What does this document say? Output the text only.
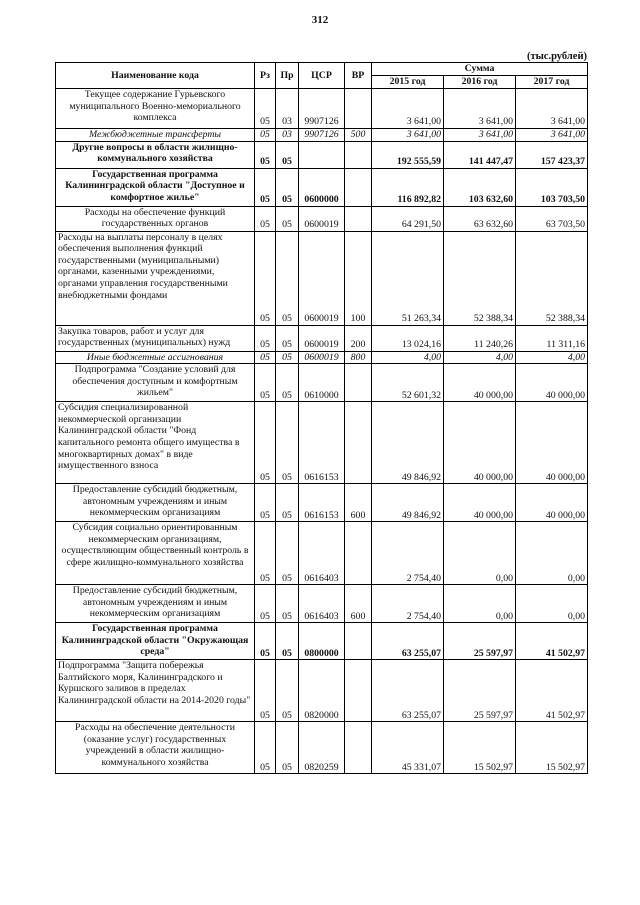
312
(тыс.рублей)
Наименование кода	Рз	Пр	ЦСР	ВР	Сумма		
					2015 год	2016 год	2017 год
Текущее содержание Гурьевского муниципального Военно-мемориального комплекса	05	03	9907126		3 641,00	3 641,00	3 641,00
Межбюджетные трансферты	05	03	9907126	500	3 641,00	3 641,00	3 641,00
Другие вопросы в области жилищно-коммунального хозяйства	05	05			192 555,59	141 447,47	157 423,37
Государственная программа Калининградской области "Доступное и комфортное жилье"	05	05	0600000		116 892,82	103 632,60	103 703,50
Расходы на обеспечение функций государственных органов	05	05	0600019		64 291,50	63 632,60	63 703,50
Расходы на выплаты персоналу в целях обеспечения выполнения функций государственными (муниципальными) органами, казенными учреждениями, органами управления государственными внебюджетными фондами	05	05	0600019	100	51 263,34	52 388,34	52 388,34
Закупка товаров, работ и услуг для государственных (муниципальных) нужд	05	05	0600019	200	13 024,16	11 240,26	11 311,16
Иные бюджетные ассигнования	05	05	0600019	800	4,00	4,00	4,00
Подпрограмма "Создание условий для обеспечения доступным и комфортным жильем"	05	05	0610000		52 601,32	40 000,00	40 000,00
Субсидия специализированной некоммерческой организации Калининградской области "Фонд капитального ремонта общего имущества в многоквартирных домах" в виде имущественного взноса	05	05	0616153		49 846,92	40 000,00	40 000,00
Предоставление субсидий бюджетным, автономным учреждениям и иным некоммерческим организациям	05	05	0616153	600	49 846,92	40 000,00	40 000,00
Субсидия социально ориентированным некоммерческим организациям, осуществляющим общественный контроль в сфере жилищно-коммунального хозяйства	05	05	0616403		2 754,40	0,00	0,00
Предоставление субсидий бюджетным, автономным учреждениям и иным некоммерческим организациям	05	05	0616403	600	2 754,40	0,00	0,00
Государственная программа Калининградской области "Окружающая среда"	05	05	0800000		63 255,07	25 597,97	41 502,97
Подпрограмма "Защита побережья Балтийского моря, Калининградского и Куршского заливов в пределах Калининградской области на 2014-2020 годы"	05	05	0820000		63 255,07	25 597,97	41 502,97
Расходы на обеспечение деятельности (оказание услуг) государственных учреждений в области жилищно-коммунального хозяйства	05	05	0820259		45 331,07	15 502,97	15 502,97
